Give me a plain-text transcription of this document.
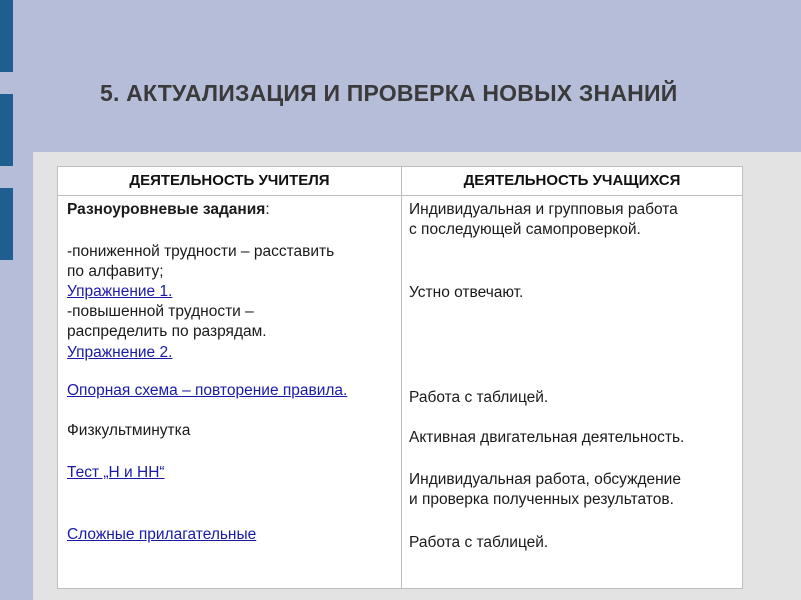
5. АКТУАЛИЗАЦИЯ И ПРОВЕРКА НОВЫХ ЗНАНИЙ
ДЕЯТЕЛЬНОСТЬ УЧИТЕЛЯ	ДЕЯТЕЛЬНОСТЬ УЧАЩИХСЯ
Разноуровневые задания:
-пониженной трудности – расставить
по алфавиту;
Упражнение 1.
-повышенной трудности –
распределить по разрядам.
Упражнение 2.
Опорная схема – повторение правила.
Физкультминутка
Тест „Н и НН“
Сложные прилагательные
Индивидуальная и групповыя работа
с последующей самопроверкой.
Устно отвечают.
Работа с таблицей.
Активная двигательная деятельность.
Индивидуальная работа, обсуждение
и проверка полученных результатов.
Работа с таблицей.
